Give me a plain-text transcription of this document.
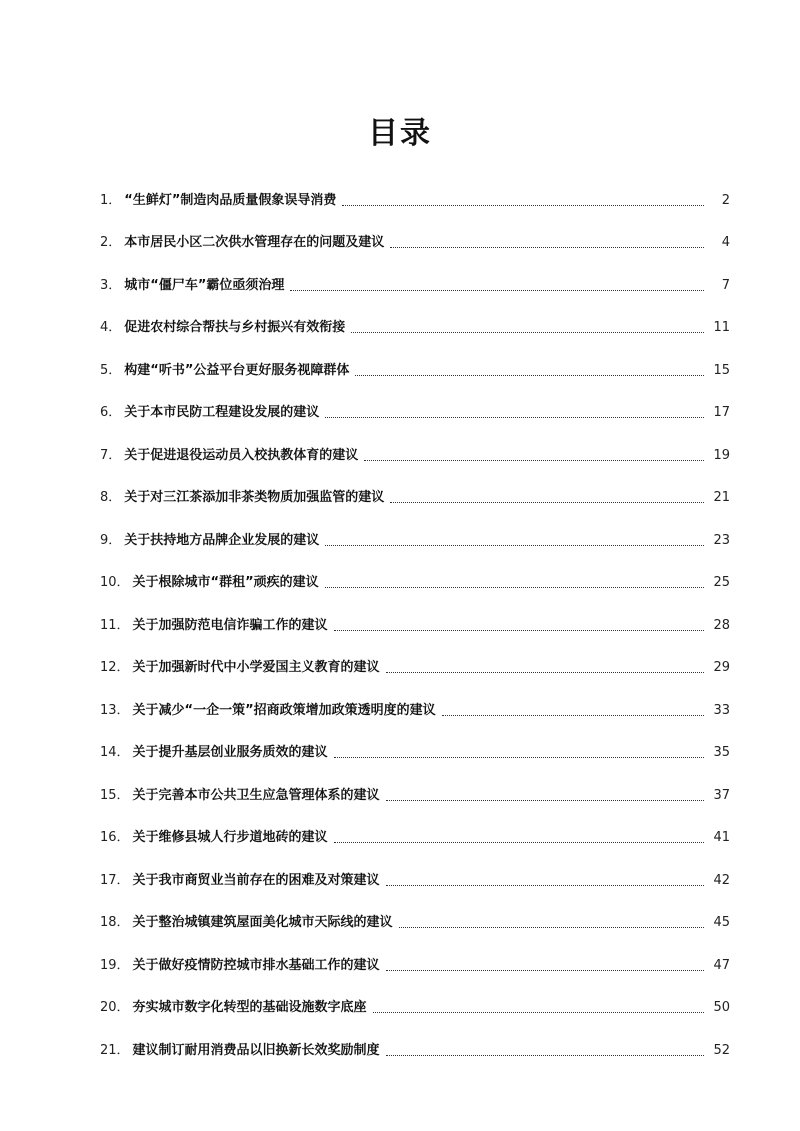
目录
1． “生鲜灯”制造肉品质量假象误导消费	2
2． 本市居民小区二次供水管理存在的问题及建议	4
3． 城市“僵尸车”霸位亟须治理	7
4． 促进农村综合帮扶与乡村振兴有效衔接	11
5． 构建“听书”公益平台更好服务视障群体	15
6． 关于本市民防工程建设发展的建议	17
7． 关于促进退役运动员入校执教体育的建议	19
8． 关于对三江茶添加非茶类物质加强监管的建议	21
9． 关于扶持地方品牌企业发展的建议	23
10． 关于根除城市“群租”顽疾的建议	25
11． 关于加强防范电信诈骗工作的建议	28
12． 关于加强新时代中小学爱国主义教育的建议	29
13． 关于减少“一企一策”招商政策增加政策透明度的建议	33
14． 关于提升基层创业服务质效的建议	35
15． 关于完善本市公共卫生应急管理体系的建议	37
16． 关于维修县城人行步道地砖的建议	41
17． 关于我市商贸业当前存在的困难及对策建议	42
18． 关于整治城镇建筑屋面美化城市天际线的建议	45
19． 关于做好疫情防控城市排水基础工作的建议	47
20． 夯实城市数字化转型的基础设施数字底座	50
21． 建议制订耐用消费品以旧换新长效奖励制度	52
